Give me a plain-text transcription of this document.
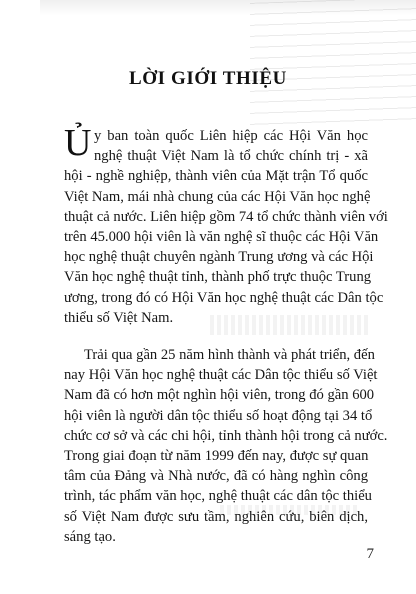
LỜI GIỚI THIỆU
Ủ y ban toàn quốc Liên hiệp các Hội Văn học
nghệ thuật Việt Nam là tổ chức chính trị - xã
hội - nghề nghiệp, thành viên của Mặt trận Tổ quốc
Việt Nam, mái nhà chung của các Hội Văn học nghệ
thuật cả nước. Liên hiệp gồm 74 tổ chức thành viên với
trên 45.000 hội viên là văn nghệ sĩ thuộc các Hội Văn
học nghệ thuật chuyên ngành Trung ương và các Hội
Văn học nghệ thuật tỉnh, thành phố trực thuộc Trung
ương, trong đó có Hội Văn học nghệ thuật các Dân tộc
thiểu số Việt Nam.
Trải qua gần 25 năm hình thành và phát triển, đến
nay Hội Văn học nghệ thuật các Dân tộc thiểu số Việt
Nam đã có hơn một nghìn hội viên, trong đó gần 600
hội viên là người dân tộc thiểu số hoạt động tại 34 tổ
chức cơ sở và các chi hội, tỉnh thành hội trong cả nước.
Trong giai đoạn từ năm 1999 đến nay, được sự quan
tâm của Đảng và Nhà nước, đã có hàng nghìn công
trình, tác phẩm văn học, nghệ thuật các dân tộc thiểu
số Việt Nam được sưu tầm, nghiên cứu, biên dịch,
sáng tạo.
7
